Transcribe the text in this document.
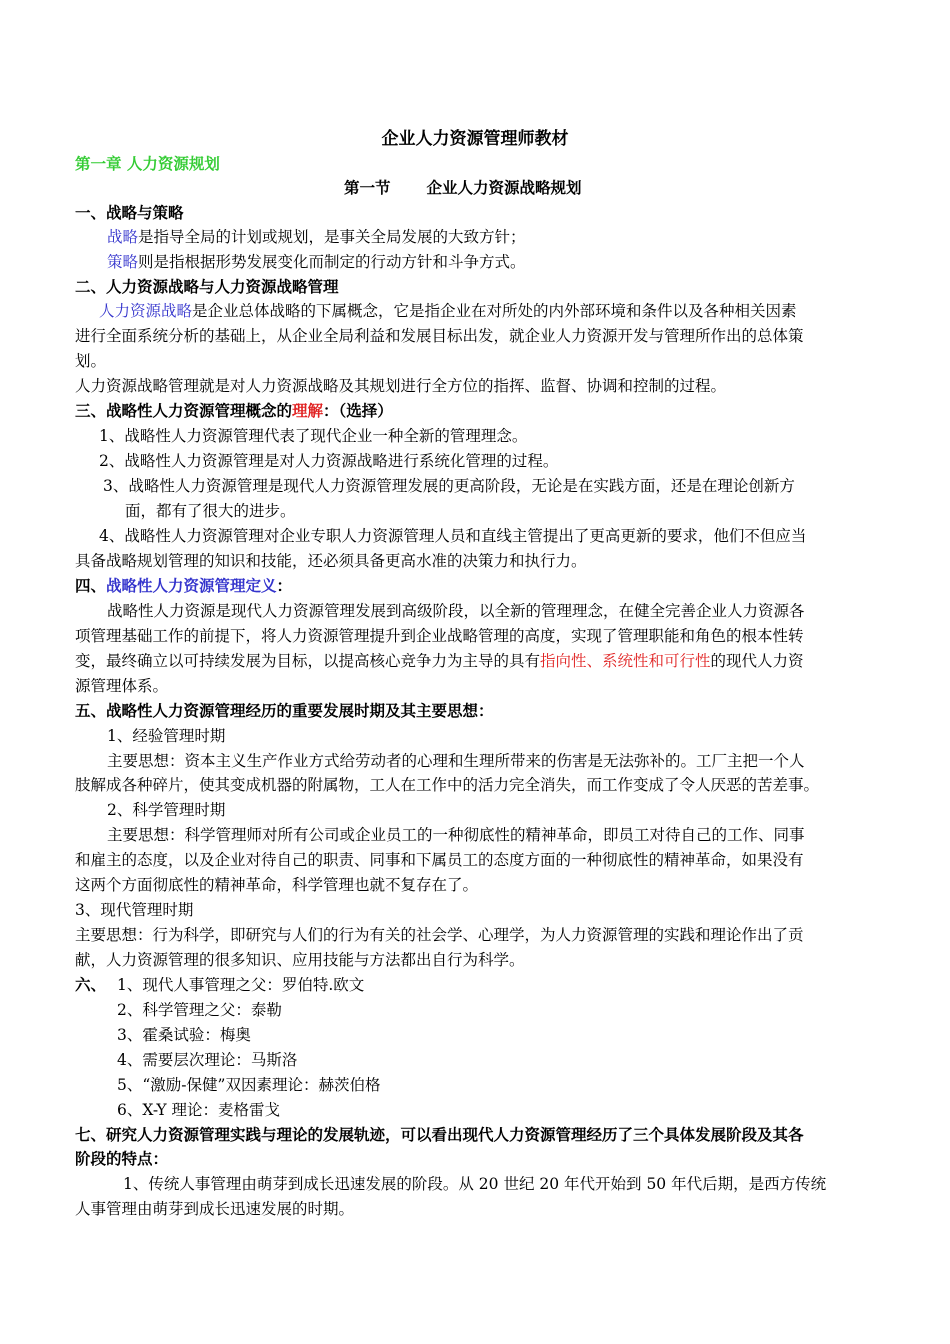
企业人力资源管理师教材
第一章 人力资源规划
第一节 企业人力资源战略规划
一、战略与策略
战略是指导全局的计划或规划，是事关全局发展的大致方针；
策略则是指根据形势发展变化而制定的行动方针和斗争方式。
二、人力资源战略与人力资源战略管理
人力资源战略是企业总体战略的下属概念，它是指企业在对所处的内外部环境和条件以及各种相关因素
进行全面系统分析的基础上，从企业全局利益和发展目标出发，就企业人力资源开发与管理所作出的总体策
划。
人力资源战略管理就是对人力资源战略及其规划进行全方位的指挥、监督、协调和控制的过程。
三、战略性人力资源管理概念的理解：（选择）
1、战略性人力资源管理代表了现代企业一种全新的管理理念。
2、战略性人力资源管理是对人力资源战略进行系统化管理的过程。
3、战略性人力资源管理是现代人力资源管理发展的更高阶段，无论是在实践方面，还是在理论创新方
面，都有了很大的进步。
4、战略性人力资源管理对企业专职人力资源管理人员和直线主管提出了更高更新的要求，他们不但应当
具备战略规划管理的知识和技能，还必须具备更高水准的决策力和执行力。
四、战略性人力资源管理定义：
战略性人力资源是现代人力资源管理发展到高级阶段，以全新的管理理念，在健全完善企业人力资源各
项管理基础工作的前提下，将人力资源管理提升到企业战略管理的高度，实现了管理职能和角色的根本性转
变，最终确立以可持续发展为目标，以提高核心竞争力为主导的具有指向性、系统性和可行性的现代人力资
源管理体系。
五、战略性人力资源管理经历的重要发展时期及其主要思想：
1、经验管理时期
主要思想：资本主义生产作业方式给劳动者的心理和生理所带来的伤害是无法弥补的。工厂主把一个人
肢解成各种碎片，使其变成机器的附属物，工人在工作中的活力完全消失，而工作变成了令人厌恶的苦差事。
2、科学管理时期
主要思想：科学管理师对所有公司或企业员工的一种彻底性的精神革命，即员工对待自己的工作、同事
和雇主的态度，以及企业对待自己的职责、同事和下属员工的态度方面的一种彻底性的精神革命，如果没有
这两个方面彻底性的精神革命，科学管理也就不复存在了。
3、现代管理时期
主要思想：行为科学，即研究与人们的行为有关的社会学、心理学，为人力资源管理的实践和理论作出了贡
献，人力资源管理的很多知识、应用技能与方法都出自行为科学。
六、 1、现代人事管理之父：罗伯特.欧文
2、科学管理之父：泰勒
3、霍桑试验：梅奥
4、需要层次理论：马斯洛
5、“激励-保健”双因素理论：赫茨伯格
6、X-Y 理论：麦格雷戈
七、研究人力资源管理实践与理论的发展轨迹，可以看出现代人力资源管理经历了三个具体发展阶段及其各
阶段的特点：
1、传统人事管理由萌芽到成长迅速发展的阶段。从 20 世纪 20 年代开始到 50 年代后期，是西方传统
人事管理由萌芽到成长迅速发展的时期。
